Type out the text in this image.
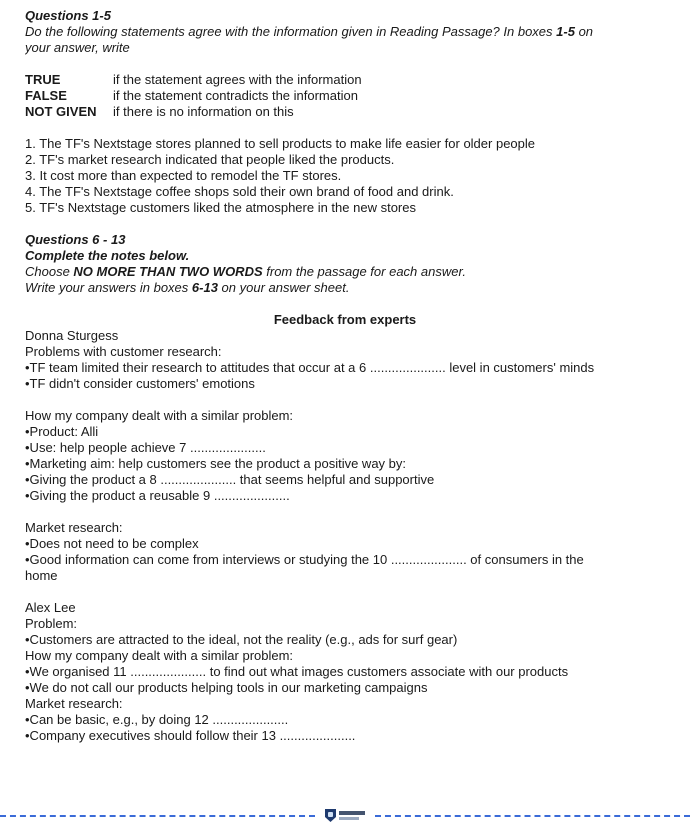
Questions 1-5
Do the following statements agree with the information given in Reading Passage? In boxes 1-5 on
your answer, write
TRUE	if the statement agrees with the information
FALSE	if the statement contradicts the information
NOT GIVEN	if there is no information on this
1. The TF's Nextstage stores planned to sell products to make life easier for older people
2. TF's market research indicated that people liked the products.
3. It cost more than expected to remodel the TF stores.
4. The TF's Nextstage coffee shops sold their own brand of food and drink.
5. TF's Nextstage customers liked the atmosphere in the new stores
Questions 6 - 13
Complete the notes below.
Choose NO MORE THAN TWO WORDS from the passage for each answer.
Write your answers in boxes 6-13 on your answer sheet.
Feedback from experts
Donna Sturgess
Problems with customer research:
•TF team limited their research to attitudes that occur at a 6 ..................... level in customers' minds
•TF didn't consider customers' emotions
How my company dealt with a similar problem:
•Product: Alli
•Use: help people achieve 7 .....................
•Marketing aim: help customers see the product a positive way by:
•Giving the product a 8 ..................... that seems helpful and supportive
•Giving the product a reusable 9 .....................
Market research:
•Does not need to be complex
•Good information can come from interviews or studying the 10 ..................... of consumers in the
home
Alex Lee
Problem:
•Customers are attracted to the ideal, not the reality (e.g., ads for surf gear)
How my company dealt with a similar problem:
•We organised 11 ..................... to find out what images customers associate with our products
•We do not call our products helping tools in our marketing campaigns
Market research:
•Can be basic, e.g., by doing 12 .....................
•Company executives should follow their 13 .....................
